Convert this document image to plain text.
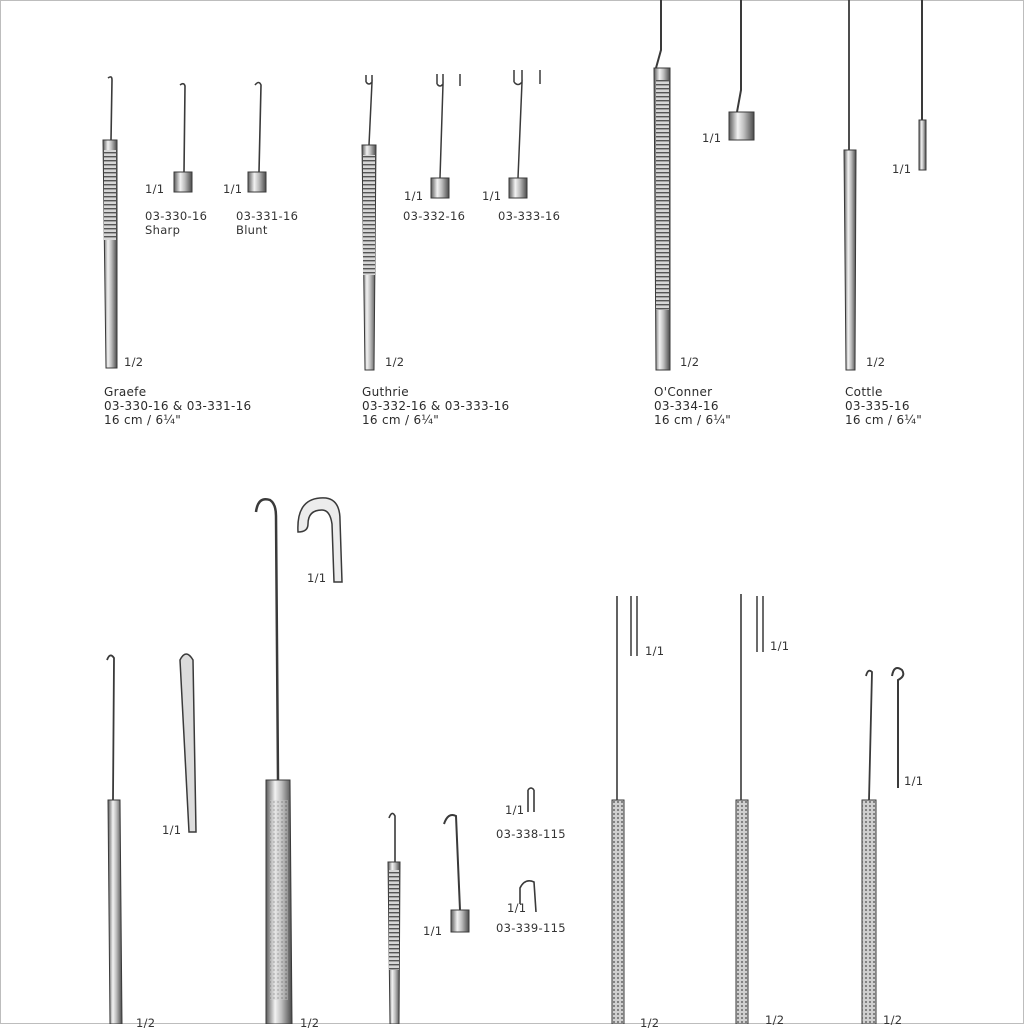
1/1	1/1
03-330-16
Sharp
03-331-16
Blunt
1/2
Graefe
03-330-16 & 03-331-16
16 cm / 6¼"
1/1	1/1
03-332-16	03-333-16
1/2
Guthrie
03-332-16 & 03-333-16
16 cm / 6¼"
1/1
1/2
O'Conner
03-334-16
16 cm / 6¼"
1/1
1/2
Cottle
03-335-16
16 cm / 6¼"
1/1
1/2
1/1
1/2
1/1
1/1
03-338-115
1/1
03-339-115
1/1
1/2
1/1
1/2
1/1
1/2
